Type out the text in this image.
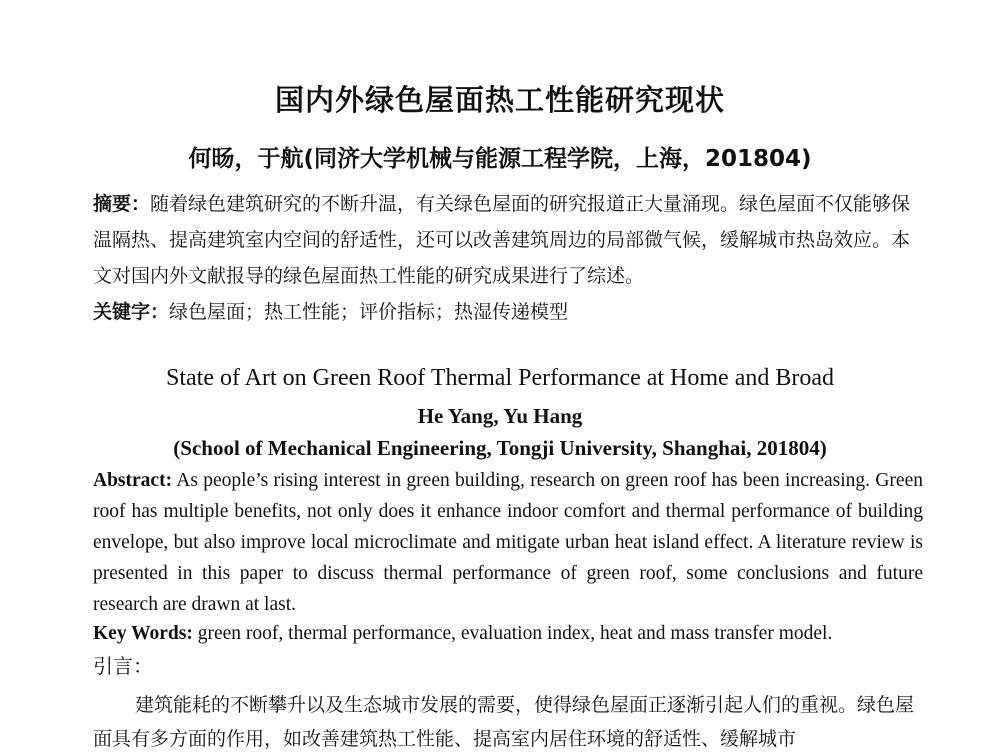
国内外绿色屋面热工性能研究现状
何旸，于航(同济大学机械与能源工程学院，上海，201804)
摘要：随着绿色建筑研究的不断升温，有关绿色屋面的研究报道正大量涌现。绿色屋面不仅能够保温隔热、提高建筑室内空间的舒适性，还可以改善建筑周边的局部微气候，缓解城市热岛效应。本文对国内外文献报导的绿色屋面热工性能的研究成果进行了综述。
关键字：绿色屋面；热工性能；评价指标；热湿传递模型
State of Art on Green Roof Thermal Performance at Home and Broad
He Yang, Yu Hang
(School of Mechanical Engineering, Tongji University, Shanghai, 201804)
Abstract: As people’s rising interest in green building, research on green roof has been increasing. Green roof has multiple benefits, not only does it enhance indoor comfort and thermal performance of building envelope, but also improve local microclimate and mitigate urban heat island effect. A literature review is presented in this paper to discuss thermal performance of green roof, some conclusions and future research are drawn at last.
Key Words: green roof, thermal performance, evaluation index, heat and mass transfer model.
引言：
建筑能耗的不断攀升以及生态城市发展的需要，使得绿色屋面正逐渐引起人们的重视。绿色屋面具有多方面的作用，如改善建筑热工性能、提高室内居住环境的舒适性、缓解城市
